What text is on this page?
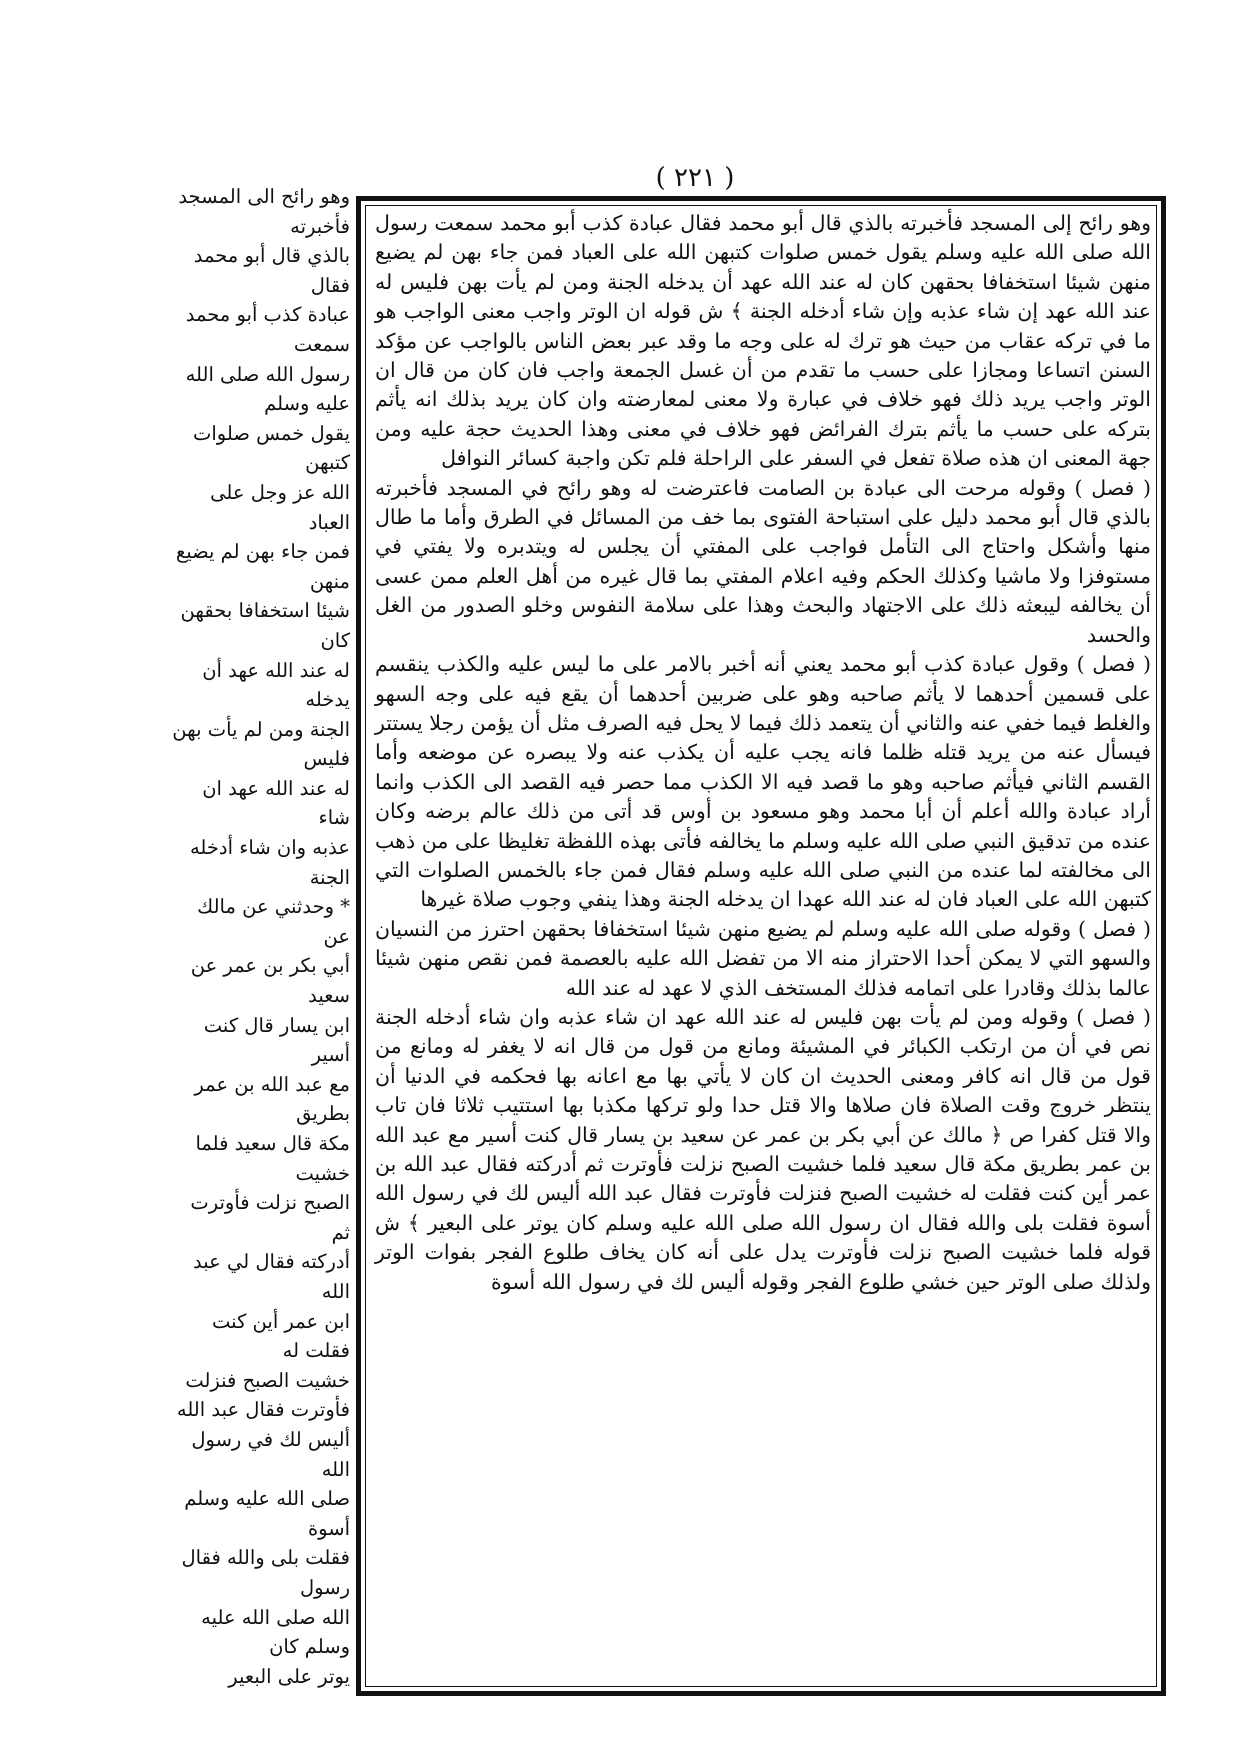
( ٢٢١ )

وهو رائح إلى المسجد فأخبرته بالذي قال أبو محمد فقال عبادة كذب أبو محمد سمعت رسول الله صلى الله عليه وسلم يقول خمس صلوات كتبهن الله على العباد فمن جاء بهن لم يضيع منهن شيئا استخفافا بحقهن كان له عند الله عهد أن يدخله الجنة ومن لم يأت بهن فليس له عند الله عهد إن شاء عذبه وإن شاء أدخله الجنة ﴾ ش قوله ان الوتر واجب معنى الواجب هو ما في تركه عقاب من حيث هو ترك له على وجه ما وقد عبر بعض الناس بالواجب عن مؤكد السنن اتساعا ومجازا على حسب ما تقدم من أن غسل الجمعة واجب فان كان من قال ان الوتر واجب يريد ذلك فهو خلاف في عبارة ولا معنى لمعارضته وان كان يريد بذلك انه يأثم بتركه على حسب ما يأثم بترك الفرائض فهو خلاف في معنى وهذا الحديث حجة عليه ومن جهة المعنى ان هذه صلاة تفعل في السفر على الراحلة فلم تكن واجبة كسائر النوافل

( فصل ) وقوله مرحت الى عبادة بن الصامت فاعترضت له وهو رائح في المسجد فأخبرته بالذي قال أبو محمد دليل على استباحة الفتوى بما خف من المسائل في الطرق وأما ما طال منها وأشكل واحتاج الى التأمل فواجب على المفتي أن يجلس له ويتدبره ولا يفتي في مستوفزا ولا ماشيا وكذلك الحكم وفيه اعلام المفتي بما قال غيره من أهل العلم ممن عسى أن يخالفه ليبعثه ذلك على الاجتهاد والبحث وهذا على سلامة النفوس وخلو الصدور من الغل والحسد

( فصل ) وقول عبادة كذب أبو محمد يعني أنه أخبر بالامر على ما ليس عليه والكذب ينقسم على قسمين أحدهما لا يأثم صاحبه وهو على ضربين أحدهما أن يقع فيه على وجه السهو والغلط فيما خفي عنه والثاني أن يتعمد ذلك فيما لا يحل فيه الصرف مثل أن يؤمن رجلا يستتر فيسأل عنه من يريد قتله ظلما فانه يجب عليه أن يكذب عنه ولا يبصره عن موضعه وأما القسم الثاني فيأثم صاحبه وهو ما قصد فيه الا الكذب مما حصر فيه القصد الى الكذب وانما أراد عبادة والله أعلم أن أبا محمد وهو مسعود بن أوس قد أتى من ذلك عالم برضه وكان عنده من تدقيق النبي صلى الله عليه وسلم ما يخالفه فأتى بهذه اللفظة تغليظا على من ذهب الى مخالفته لما عنده من النبي صلى الله عليه وسلم فقال فمن جاء بالخمس الصلوات التي كتبهن الله على العباد فان له عند الله عهدا ان يدخله الجنة وهذا ينفي وجوب صلاة غيرها

( فصل ) وقوله صلى الله عليه وسلم لم يضيع منهن شيئا استخفافا بحقهن احترز من النسيان والسهو التي لا يمكن أحدا الاحتراز منه الا من تفضل الله عليه بالعصمة فمن نقص منهن شيئا عالما بذلك وقادرا على اتمامه فذلك المستخف الذي لا عهد له عند الله

( فصل ) وقوله ومن لم يأت بهن فليس له عند الله عهد ان شاء عذبه وان شاء أدخله الجنة نص في أن من ارتكب الكبائر في المشيئة ومانع من قول من قال انه لا يغفر له ومانع من قول من قال انه كافر ومعنى الحديث ان كان لا يأتي بها مع اعانه بها فحكمه في الدنيا أن ينتظر خروج وقت الصلاة فان صلاها والا قتل حدا ولو تركها مكذبا بها استتيب ثلاثا فان تاب والا قتل كفرا ص ﴿ مالك عن أبي بكر بن عمر عن سعيد بن يسار قال كنت أسير مع عبد الله بن عمر بطريق مكة قال سعيد فلما خشيت الصبح نزلت فأوترت ثم أدركته فقال عبد الله بن عمر أين كنت فقلت له خشيت الصبح فنزلت فأوترت فقال عبد الله أليس لك في رسول الله أسوة فقلت بلى والله فقال ان رسول الله صلى الله عليه وسلم كان يوتر على البعير ﴾ ش قوله فلما خشيت الصبح نزلت فأوترت يدل على أنه كان يخاف طلوع الفجر بفوات الوتر ولذلك صلى الوتر حين خشي طلوع الفجر وقوله أليس لك في رسول الله أسوة

وهو رائح الى المسجد فأخبرته
بالذي قال أبو محمد فقال
عبادة كذب أبو محمد سمعت
رسول الله صلى الله عليه وسلم
يقول خمس صلوات كتبهن
الله عز وجل على العباد
فمن جاء بهن لم يضيع منهن
شيئا استخفافا بحقهن كان
له عند الله عهد أن يدخله
الجنة ومن لم يأت بهن فليس
له عند الله عهد ان شاء
عذبه وان شاء أدخله الجنة
* وحدثني عن مالك عن
أبي بكر بن عمر عن سعيد
ابن يسار قال كنت أسير
مع عبد الله بن عمر بطريق
مكة قال سعيد فلما خشيت
الصبح نزلت فأوترت ثم
أدركته فقال لي عبد الله
ابن عمر أين كنت فقلت له
خشيت الصبح فنزلت
فأوترت فقال عبد الله
أليس لك في رسول الله
صلى الله عليه وسلم أسوة
فقلت بلى والله فقال رسول
الله صلى الله عليه وسلم كان
يوتر على البعير
